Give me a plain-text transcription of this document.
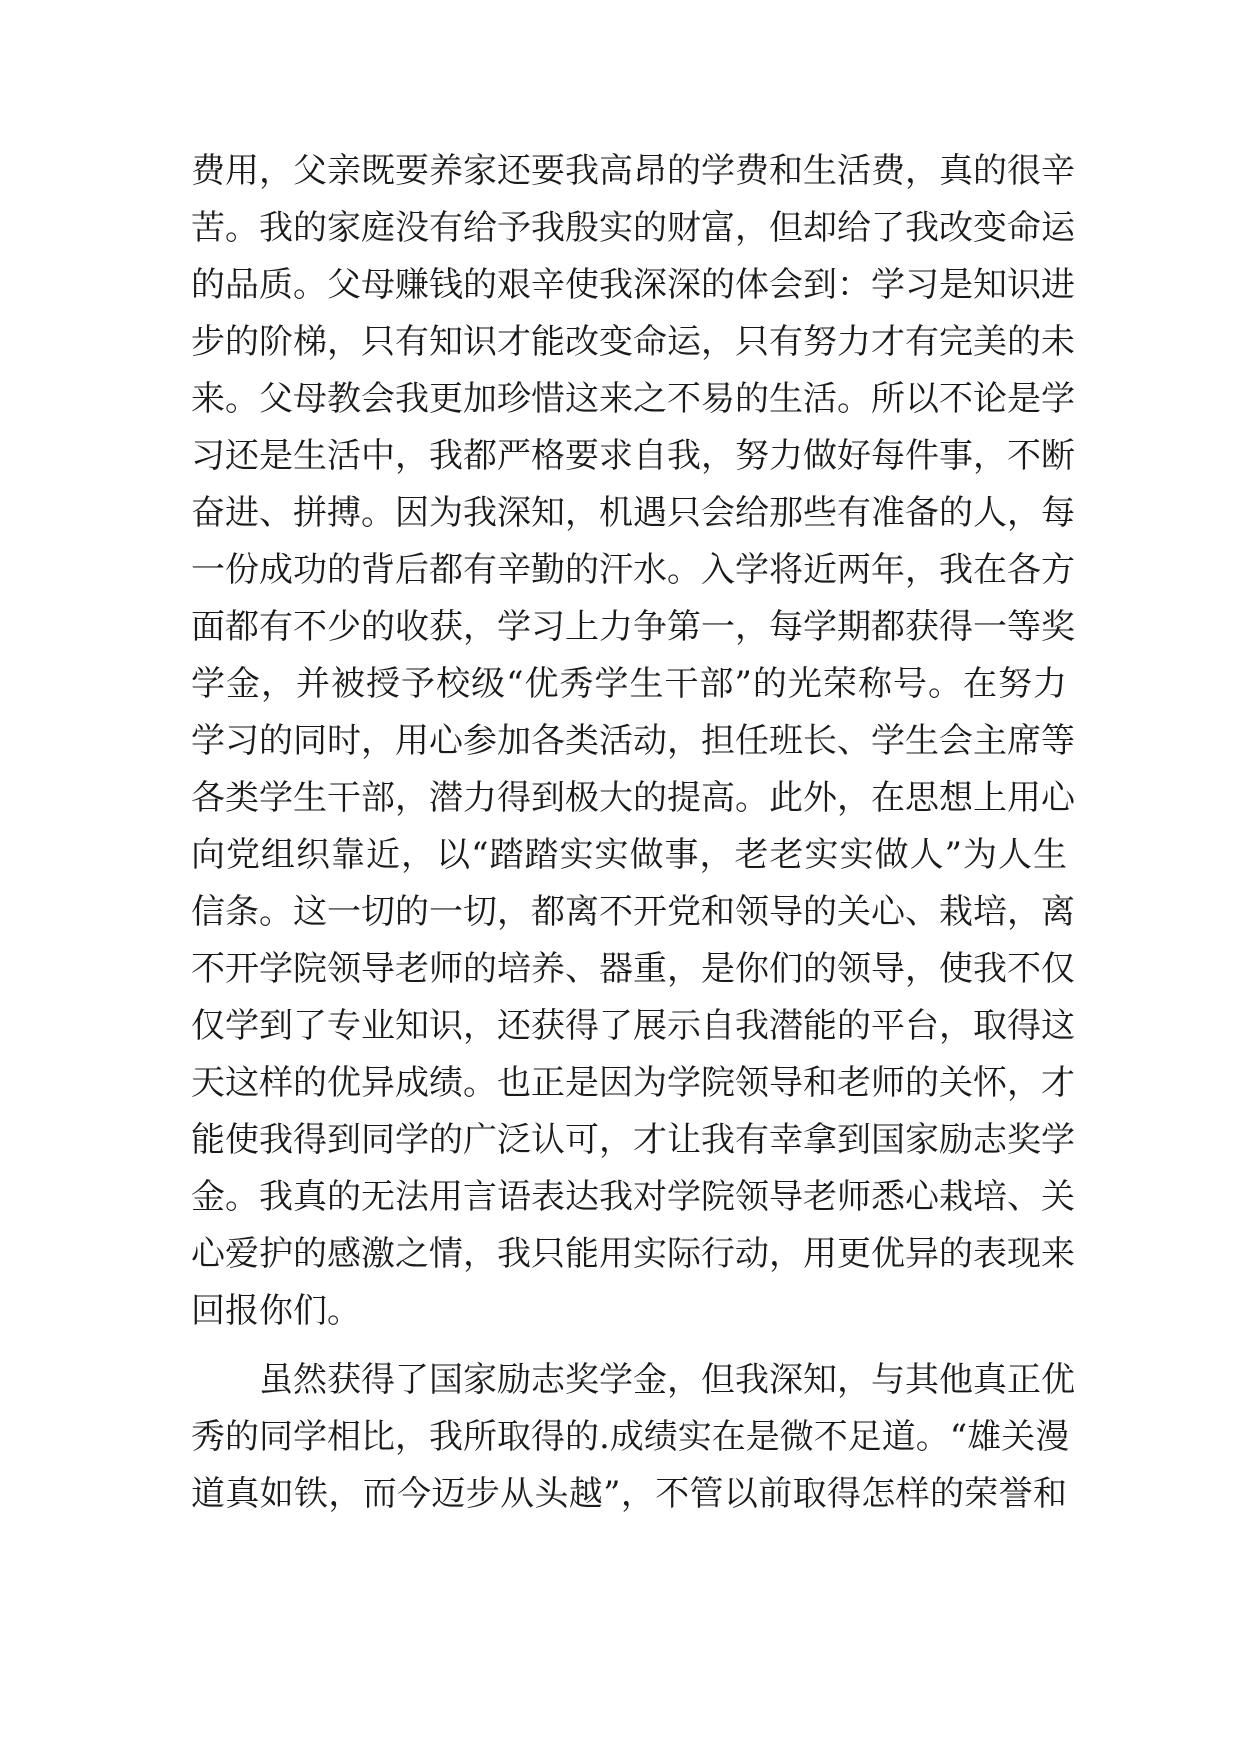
费用，父亲既要养家还要我高昂的学费和生活费，真的很辛
苦。我的家庭没有给予我殷实的财富，但却给了我改变命运
的品质。父母赚钱的艰辛使我深深的体会到：学习是知识进
步的阶梯，只有知识才能改变命运，只有努力才有完美的未
来。父母教会我更加珍惜这来之不易的生活。所以不论是学
习还是生活中，我都严格要求自我，努力做好每件事，不断
奋进、拼搏。因为我深知，机遇只会给那些有准备的人，每
一份成功的背后都有辛勤的汗水。入学将近两年，我在各方
面都有不少的收获，学习上力争第一，每学期都获得一等奖
学金，并被授予校级“优秀学生干部”的光荣称号。在努力
学习的同时，用心参加各类活动，担任班长、学生会主席等
各类学生干部，潜力得到极大的提高。此外，在思想上用心
向党组织靠近，以“踏踏实实做事，老老实实做人”为人生
信条。这一切的一切，都离不开党和领导的关心、栽培，离
不开学院领导老师的培养、器重，是你们的领导，使我不仅
仅学到了专业知识，还获得了展示自我潜能的平台，取得这
天这样的优异成绩。也正是因为学院领导和老师的关怀，才
能使我得到同学的广泛认可，才让我有幸拿到国家励志奖学
金。我真的无法用言语表达我对学院领导老师悉心栽培、关
心爱护的感激之情，我只能用实际行动，用更优异的表现来
回报你们。
　　虽然获得了国家励志奖学金，但我深知，与其他真正优
秀的同学相比，我所取得的.成绩实在是微不足道。“雄关漫
道真如铁，而今迈步从头越”，不管以前取得怎样的荣誉和
